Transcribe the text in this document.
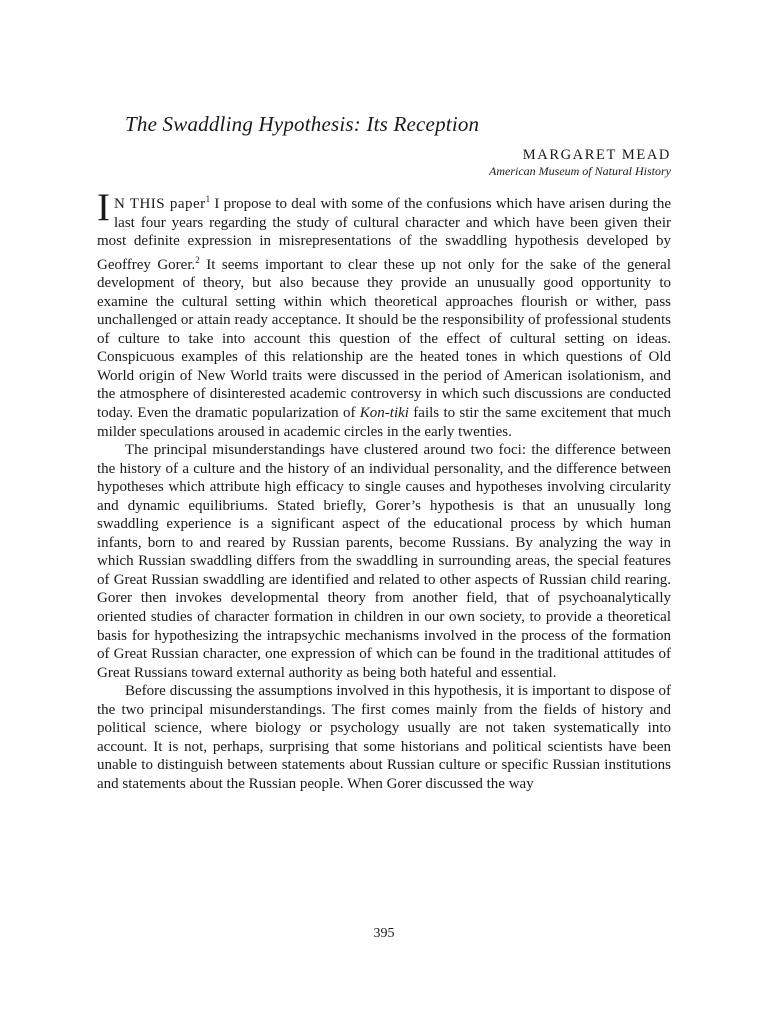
The Swaddling Hypothesis: Its Reception
MARGARET MEAD
American Museum of Natural History

I N THIS paper$^1$ I propose to deal with some of the confusions which have arisen during the last four years regarding the study of cultural character and which have been given their most definite expression in misrepresentations of the swaddling hypothesis developed by Geoffrey Gorer.$^2$ It seems important to clear these up not only for the sake of the general development of theory, but also because they provide an unusually good opportunity to examine the cultural setting within which theoretical approaches flourish or wither, pass unchallenged or attain ready acceptance. It should be the responsibility of professional students of culture to take into account this question of the effect of cultural setting on ideas. Conspicuous examples of this relationship are the heated tones in which questions of Old World origin of New World traits were discussed in the period of American isolationism, and the atmosphere of disinterested academic controversy in which such discussions are conducted today. Even the dramatic popularization of Kon-tiki fails to stir the same excitement that much milder speculations aroused in academic circles in the early twenties.

The principal misunderstandings have clustered around two foci: the difference between the history of a culture and the history of an individual personality, and the difference between hypotheses which attribute high efficacy to single causes and hypotheses involving circularity and dynamic equilibriums. Stated briefly, Gorer’s hypothesis is that an unusually long swaddling experience is a significant aspect of the educational process by which human infants, born to and reared by Russian parents, become Russians. By analyzing the way in which Russian swaddling differs from the swaddling in surrounding areas, the special features of Great Russian swaddling are identified and related to other aspects of Russian child rearing. Gorer then invokes developmental theory from another field, that of psychoanalytically oriented studies of character formation in children in our own society, to provide a theoretical basis for hypothesizing the intrapsychic mechanisms involved in the process of the formation of Great Russian character, one expression of which can be found in the traditional attitudes of Great Russians toward external authority as being both hateful and essential.

Before discussing the assumptions involved in this hypothesis, it is important to dispose of the two principal misunderstandings. The first comes mainly from the fields of history and political science, where biology or psychology usually are not taken systematically into account. It is not, perhaps, surprising that some historians and political scientists have been unable to distinguish between statements about Russian culture or specific Russian institutions and statements about the Russian people. When Gorer discussed the way

395
